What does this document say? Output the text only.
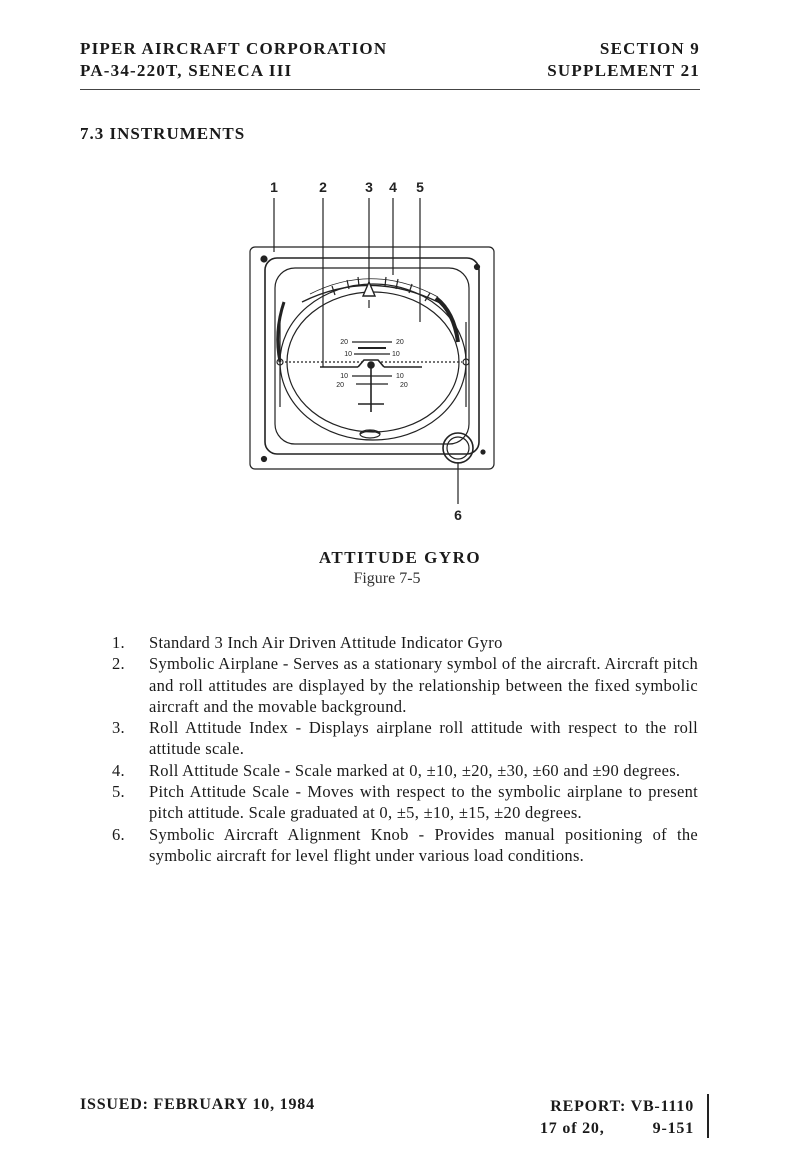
PIPER AIRCRAFT CORPORATION
PA-34-220T, SENECA III
SECTION 9
SUPPLEMENT 21
7.3 INSTRUMENTS
1	2	3 4 5
6
20	20
10	10
10	10
20	20
ATTITUDE GYRO
Figure 7-5
1. Standard 3 Inch Air Driven Attitude Indicator Gyro
2. Symbolic Airplane - Serves as a stationary symbol of the aircraft. Aircraft pitch and roll attitudes are displayed by the relationship between the fixed symbolic aircraft and the movable background.
3. Roll Attitude Index - Displays airplane roll attitude with respect to the roll attitude scale.
4. Roll Attitude Scale - Scale marked at 0, ±10, ±20, ±30, ±60 and ±90 degrees.
5. Pitch Attitude Scale - Moves with respect to the symbolic airplane to present pitch attitude. Scale graduated at 0, ±5, ±10, ±15, ±20 degrees.
6. Symbolic Aircraft Alignment Knob - Provides manual positioning of the symbolic aircraft for level flight under various load conditions.
ISSUED: FEBRUARY 10, 1984	REPORT: VB-1110
17 of 20,	9-151
